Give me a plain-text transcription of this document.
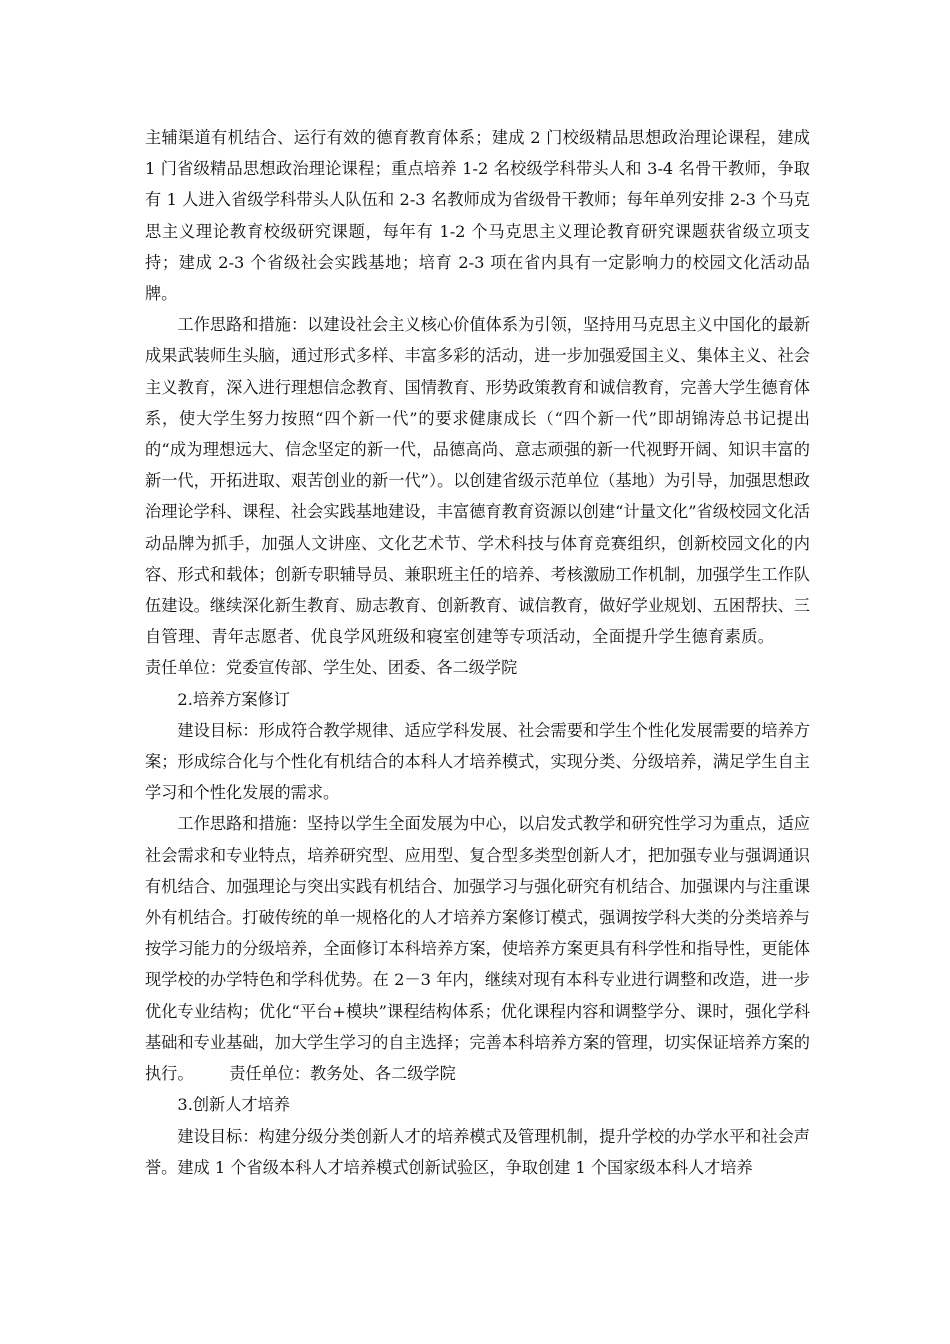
主辅渠道有机结合、运行有效的德育教育体系；建成 2 门校级精品思想政治理论课程，建成 1 门省级精品思想政治理论课程；重点培养 1-2 名校级学科带头人和 3-4 名骨干教师，争取有 1 人进入省级学科带头人队伍和 2-3 名教师成为省级骨干教师；每年单列安排 2-3 个马克思主义理论教育校级研究课题，每年有 1-2 个马克思主义理论教育研究课题获省级立项支持；建成 2-3 个省级社会实践基地；培育 2-3 项在省内具有一定影响力的校园文化活动品牌。

工作思路和措施：以建设社会主义核心价值体系为引领，坚持用马克思主义中国化的最新成果武装师生头脑，通过形式多样、丰富多彩的活动，进一步加强爱国主义、集体主义、社会主义教育，深入进行理想信念教育、国情教育、形势政策教育和诚信教育，完善大学生德育体系，使大学生努力按照“四个新一代”的要求健康成长（“四个新一代”即胡锦涛总书记提出的“成为理想远大、信念坚定的新一代，品德高尚、意志顽强的新一代视野开阔、知识丰富的新一代，开拓进取、艰苦创业的新一代”）。以创建省级示范单位（基地）为引导，加强思想政治理论学科、课程、社会实践基地建设，丰富德育教育资源以创建“计量文化”省级校园文化活动品牌为抓手，加强人文讲座、文化艺术节、学术科技与体育竞赛组织，创新校园文化的内容、形式和载体；创新专职辅导员、兼职班主任的培养、考核激励工作机制，加强学生工作队伍建设。继续深化新生教育、励志教育、创新教育、诚信教育，做好学业规划、五困帮扶、三自管理、青年志愿者、优良学风班级和寝室创建等专项活动，全面提升学生德育素质。责任单位：党委宣传部、学生处、团委、各二级学院

2.培养方案修订

建设目标：形成符合教学规律、适应学科发展、社会需要和学生个性化发展需要的培养方案；形成综合化与个性化有机结合的本科人才培养模式，实现分类、分级培养，满足学生自主学习和个性化发展的需求。

工作思路和措施：坚持以学生全面发展为中心，以启发式教学和研究性学习为重点，适应社会需求和专业特点，培养研究型、应用型、复合型多类型创新人才，把加强专业与强调通识有机结合、加强理论与突出实践有机结合、加强学习与强化研究有机结合、加强课内与注重课外有机结合。打破传统的单一规格化的人才培养方案修订模式，强调按学科大类的分类培养与按学习能力的分级培养，全面修订本科培养方案，使培养方案更具有科学性和指导性，更能体现学校的办学特色和学科优势。在 2－3 年内，继续对现有本科专业进行调整和改造，进一步优化专业结构；优化“平台+模块”课程结构体系；优化课程内容和调整学分、课时，强化学科基础和专业基础，加大学生学习的自主选择；完善本科培养方案的管理，切实保证培养方案的执行。 责任单位：教务处、各二级学院

3.创新人才培养

建设目标：构建分级分类创新人才的培养模式及管理机制，提升学校的办学水平和社会声誉。建成 1 个省级本科人才培养模式创新试验区，争取创建 1 个国家级本科人才培养
